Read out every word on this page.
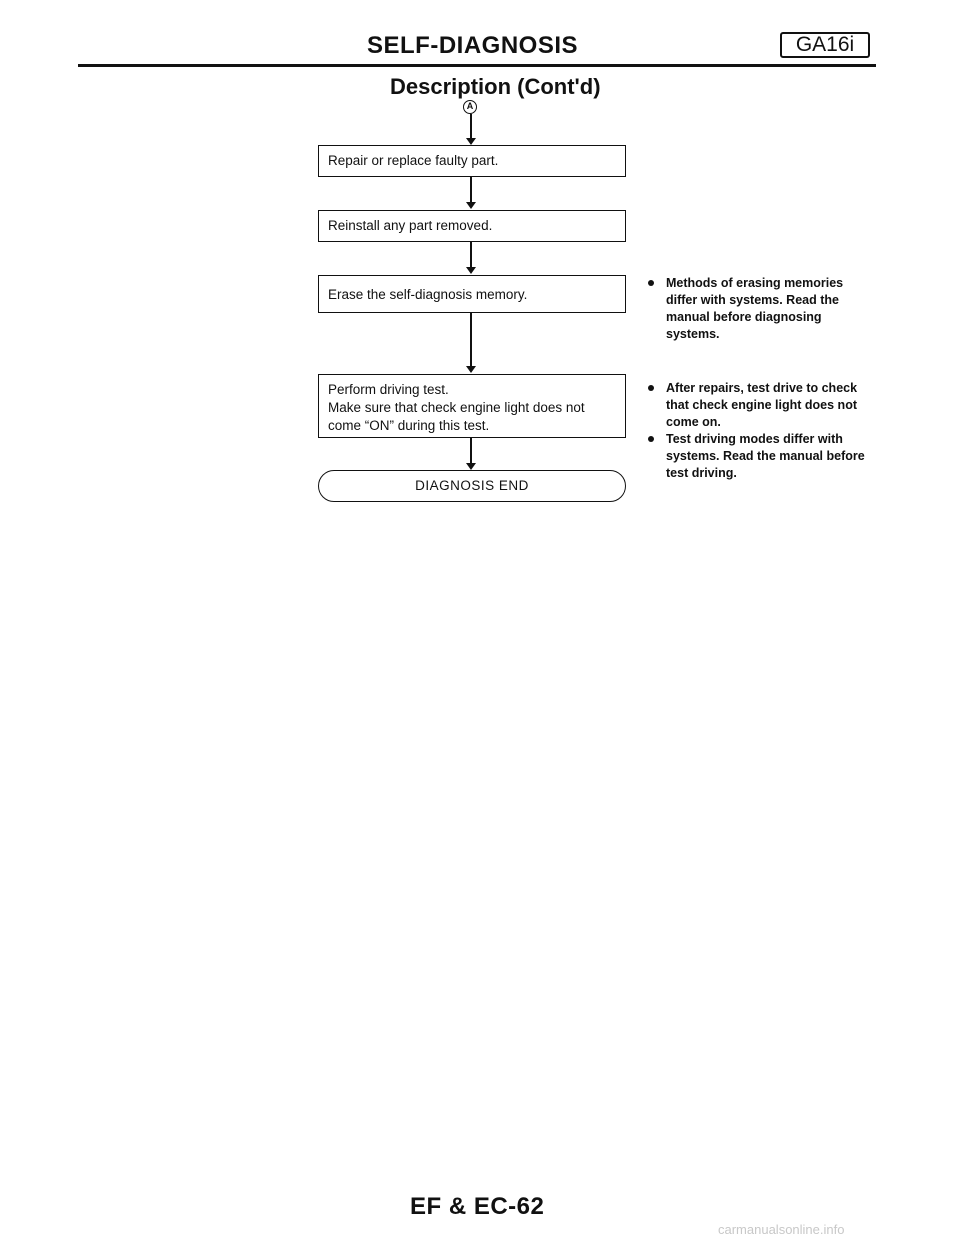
SELF-DIAGNOSIS	GA16i
Description (Cont'd)
A
Repair or replace faulty part.
Reinstall any part removed.
Erase the self-diagnosis memory.
Perform driving test.
Make sure that check engine light does not
come “ON” during this test.
DIAGNOSIS END
Methods of erasing memories
differ with systems. Read the
manual before diagnosing
systems.
After repairs, test drive to check
that check engine light does not
come on.
Test driving modes differ with
systems. Read the manual before
test driving.
EF & EC-62
carmanualsonline.info
